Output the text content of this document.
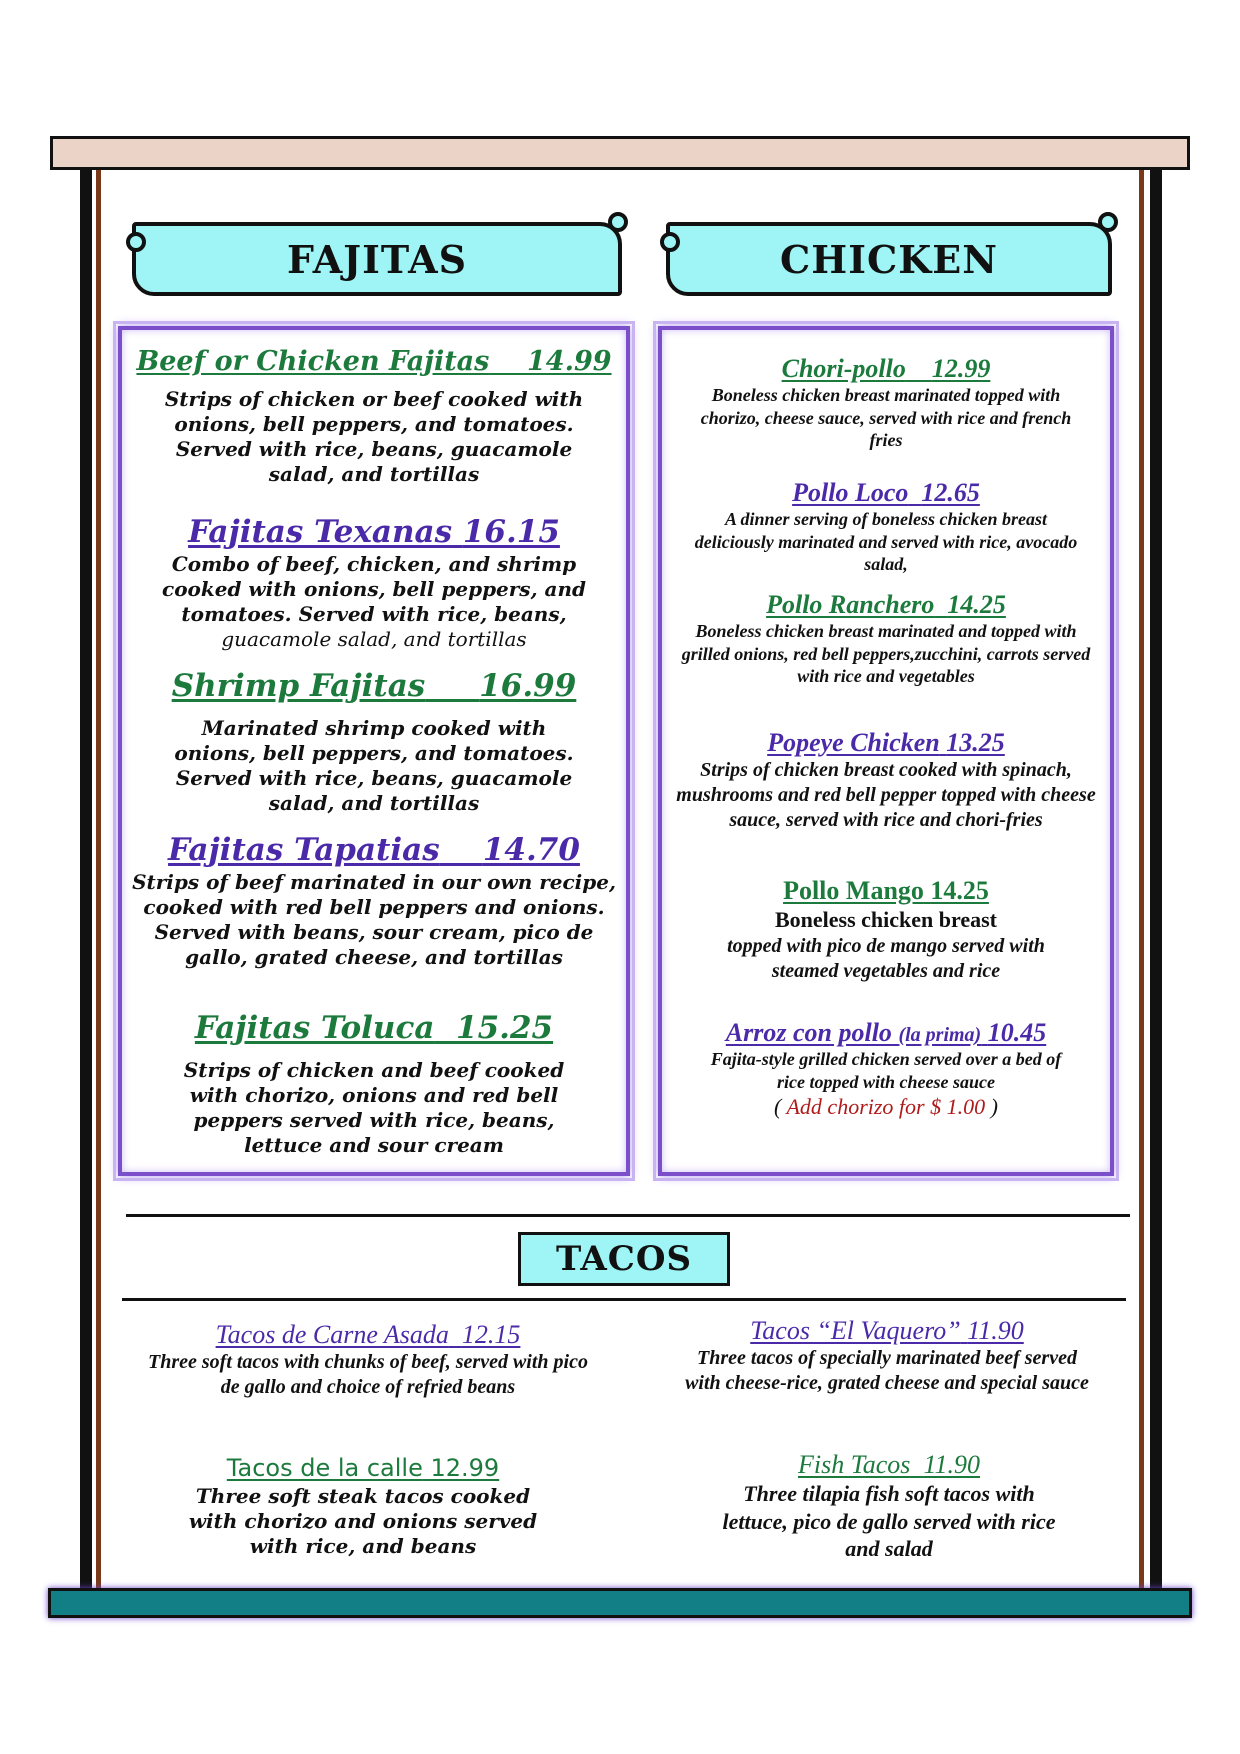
FAJITAS	CHICKEN
Beef or Chicken Fajitas 14.99
Strips of chicken or beef cooked with onions, bell peppers, and tomatoes. Served with rice, beans, guacamole salad, and tortillas
Fajitas Texanas 16.15
Combo of beef, chicken, and shrimp cooked with onions, bell peppers, and tomatoes. Served with rice, beans,
guacamole salad, and tortillas
Shrimp Fajitas 16.99
Marinated shrimp cooked with onions, bell peppers, and tomatoes. Served with rice, beans, guacamole salad, and tortillas
Fajitas Tapatias 14.70
Strips of beef marinated in our own recipe, cooked with red bell peppers and onions. Served with beans, sour cream, pico de gallo, grated cheese, and tortillas
Fajitas Toluca 15.25
Strips of chicken and beef cooked with chorizo, onions and red bell peppers served with rice, beans, lettuce and sour cream
Chori-pollo 12.99
Boneless chicken breast marinated topped with chorizo, cheese sauce, served with rice and french fries
Pollo Loco 12.65
A dinner serving of boneless chicken breast deliciously marinated and served with rice, avocado salad,
Pollo Ranchero 14.25
Boneless chicken breast marinated and topped with grilled onions, red bell peppers,zucchini, carrots served with rice and vegetables
Popeye Chicken 13.25
Strips of chicken breast cooked with spinach, mushrooms and red bell pepper topped with cheese sauce, served with rice and chori-fries
Pollo Mango 14.25
Boneless chicken breast
topped with pico de mango served with steamed vegetables and rice
Arroz con pollo (la prima) 10.45
Fajita-style grilled chicken served over a bed of rice topped with cheese sauce
( Add chorizo for $ 1.00 )
TACOS
Tacos de Carne Asada 12.15
Three soft tacos with chunks of beef, served with pico de gallo and choice of refried beans
Tacos “El Vaquero” 11.90
Three tacos of specially marinated beef served with cheese-rice, grated cheese and special sauce
Tacos de la calle 12.99
Three soft steak tacos cooked with chorizo and onions served with rice, and beans
Fish Tacos 11.90
Three tilapia fish soft tacos with lettuce, pico de gallo served with rice and salad
